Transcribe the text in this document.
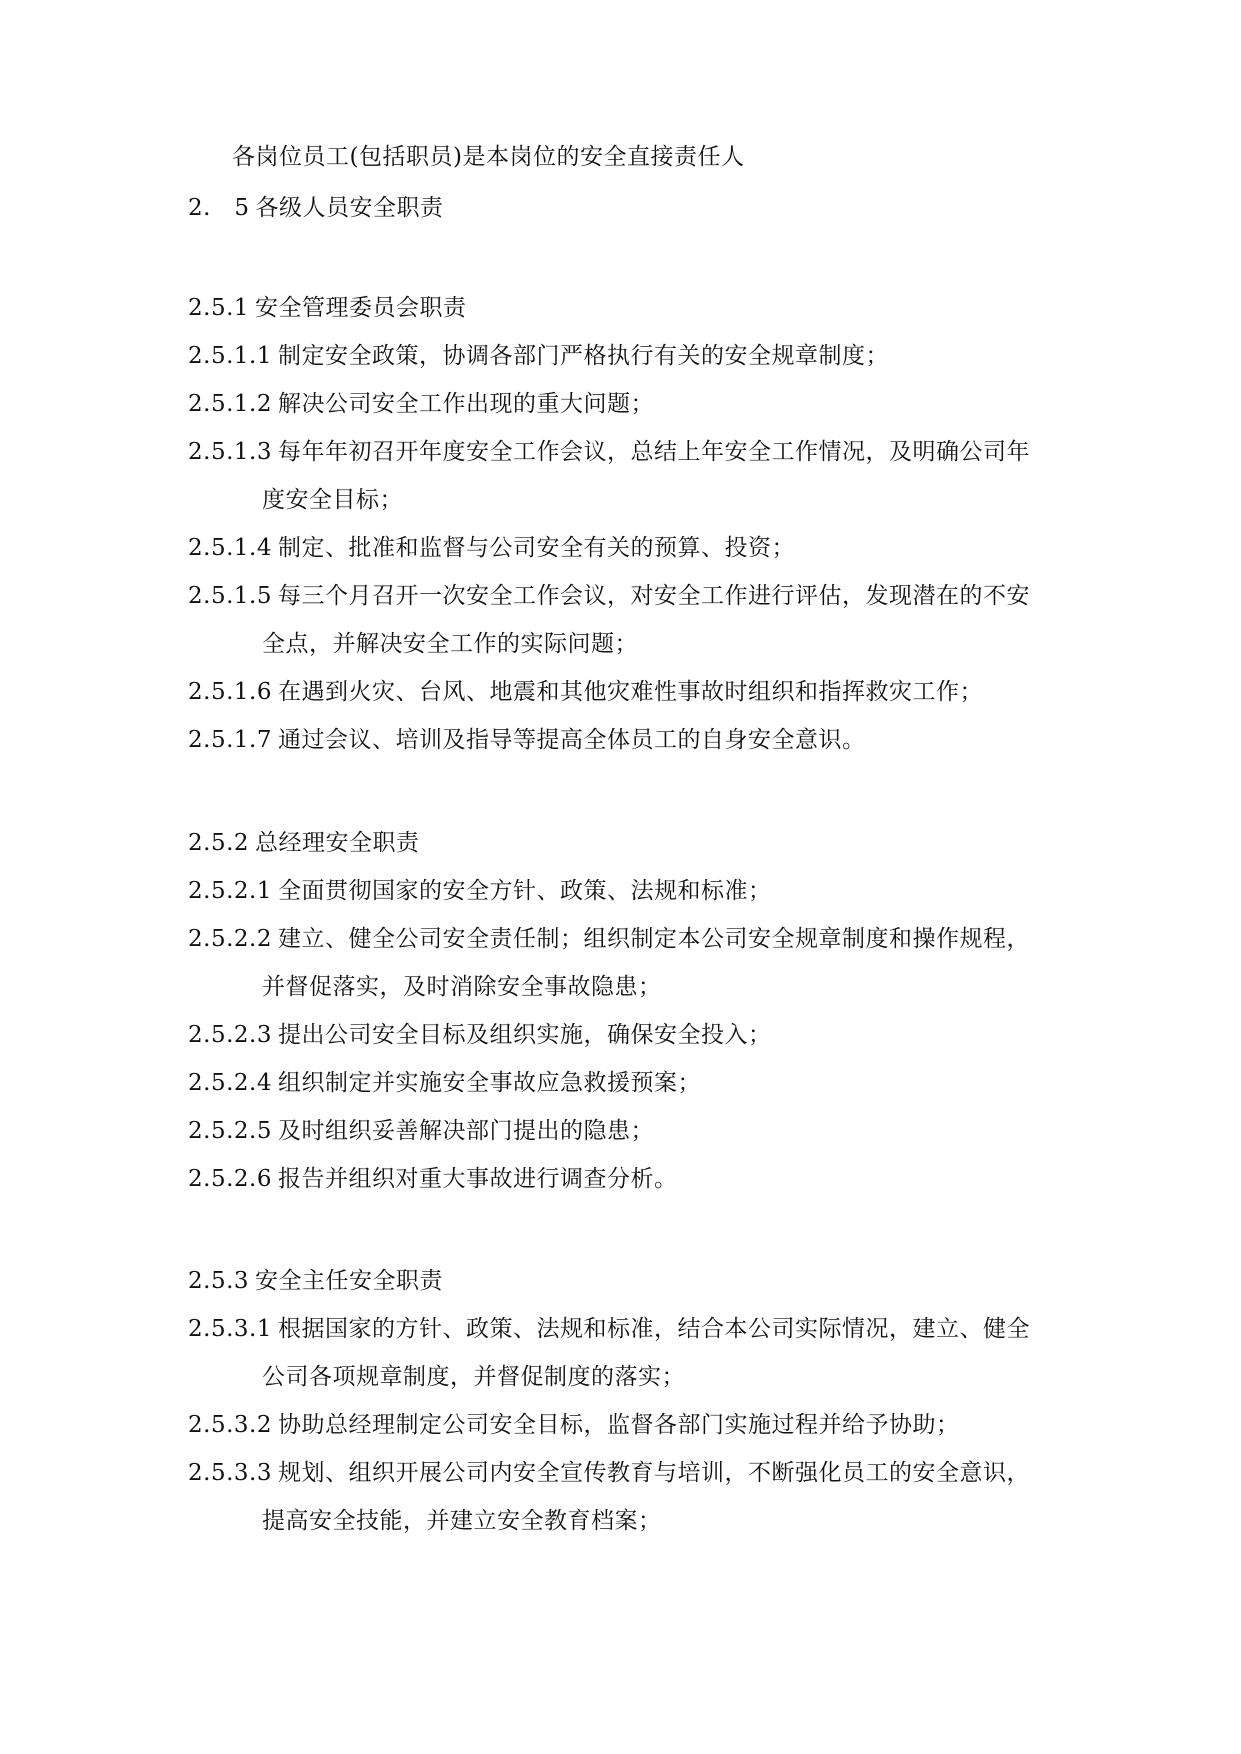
各岗位员工(包括职员)是本岗位的安全直接责任人
2.   5 各级人员安全职责
2.5.1 安全管理委员会职责
2.5.1.1 制定安全政策，协调各部门严格执行有关的安全规章制度；
2.5.1.2 解决公司安全工作出现的重大问题；
2.5.1.3 每年年初召开年度安全工作会议，总结上年安全工作情况，及明确公司年
度安全目标；
2.5.1.4 制定、批准和监督与公司安全有关的预算、投资；
2.5.1.5 每三个月召开一次安全工作会议，对安全工作进行评估，发现潜在的不安
全点，并解决安全工作的实际问题；
2.5.1.6 在遇到火灾、台风、地震和其他灾难性事故时组织和指挥救灾工作；
2.5.1.7 通过会议、培训及指导等提高全体员工的自身安全意识。
2.5.2 总经理安全职责
2.5.2.1 全面贯彻国家的安全方针、政策、法规和标准；
2.5.2.2 建立、健全公司安全责任制；组织制定本公司安全规章制度和操作规程，
并督促落实，及时消除安全事故隐患；
2.5.2.3 提出公司安全目标及组织实施，确保安全投入；
2.5.2.4 组织制定并实施安全事故应急救援预案；
2.5.2.5 及时组织妥善解决部门提出的隐患；
2.5.2.6 报告并组织对重大事故进行调查分析。
2.5.3 安全主任安全职责
2.5.3.1 根据国家的方针、政策、法规和标准，结合本公司实际情况，建立、健全
公司各项规章制度，并督促制度的落实；
2.5.3.2 协助总经理制定公司安全目标，监督各部门实施过程并给予协助；
2.5.3.3 规划、组织开展公司内安全宣传教育与培训，不断强化员工的安全意识，
提高安全技能，并建立安全教育档案；
